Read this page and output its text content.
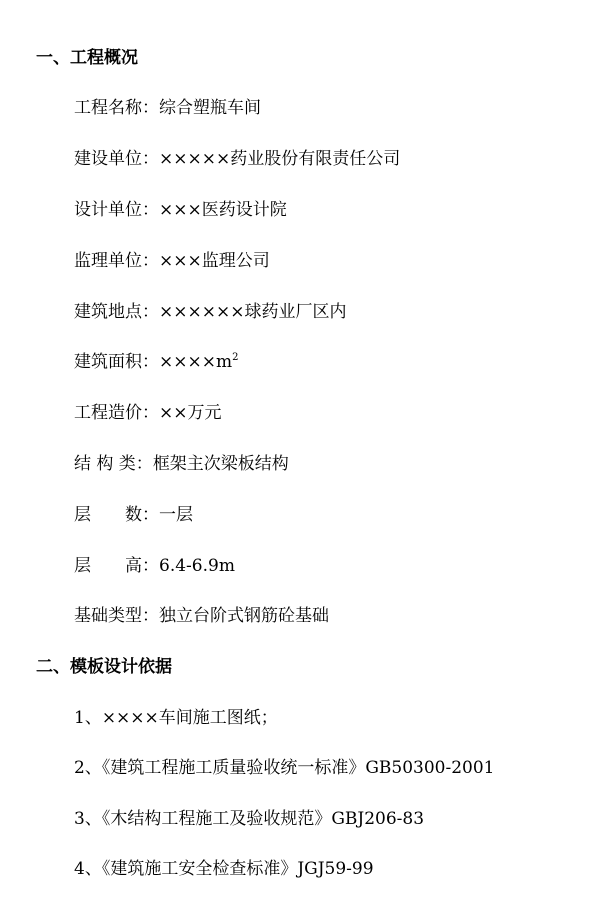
一、工程概况
工程名称：综合塑瓶车间
建设单位：×××××药业股份有限责任公司
设计单位：×××医药设计院
监理单位：×××监理公司
建筑地点：××××××球药业厂区内
建筑面积：$\times\times\times\times m^2$
工程造价：××万元
结 构 类：框架主次梁板结构
层　　数：一层
层　　高：6.4-6.9m
基础类型：独立台阶式钢筋砼基础
二、模板设计依据
1、××××车间施工图纸；
2、《建筑工程施工质量验收统一标准》GB50300-2001
3、《木结构工程施工及验收规范》GBJ206-83
4、《建筑施工安全检查标准》JGJ59-99
